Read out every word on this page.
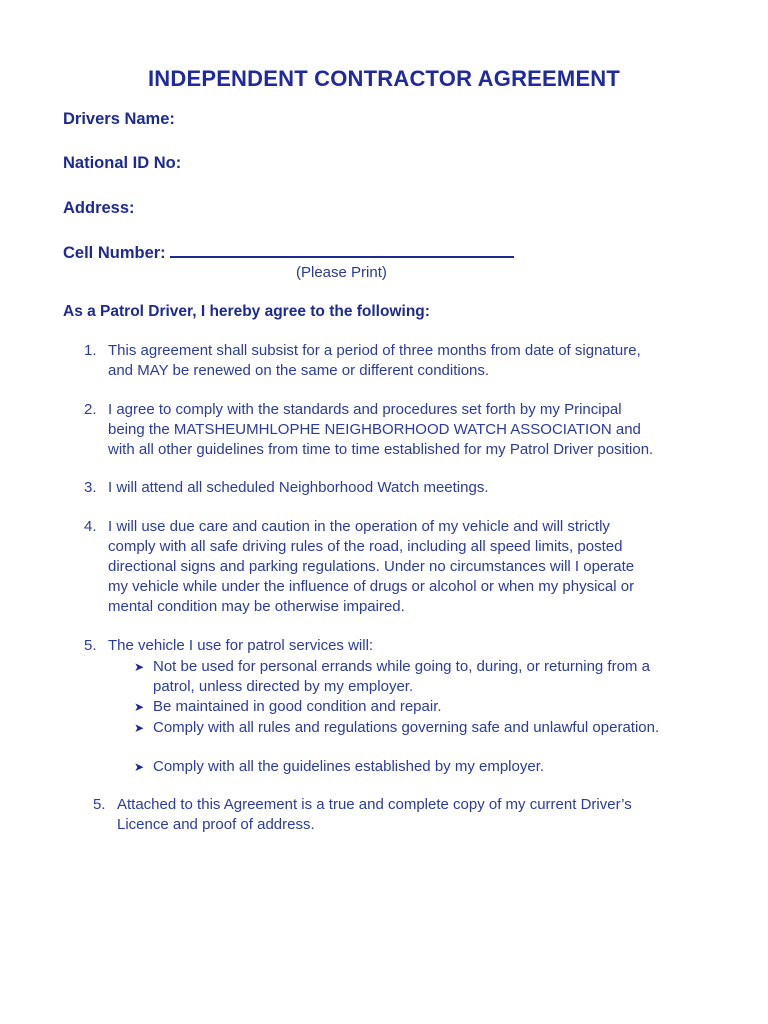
INDEPENDENT CONTRACTOR AGREEMENT
Drivers Name:
National ID No:
Address:
Cell Number:
(Please Print)
As a Patrol Driver, I hereby agree to the following:
1. This agreement shall subsist for a period of three months from date of signature,
and MAY be renewed on the same or different conditions.
2. I agree to comply with the standards and procedures set forth by my Principal
being the MATSHEUMHLOPHE NEIGHBORHOOD WATCH ASSOCIATION and
with all other guidelines from time to time established for my Patrol Driver position.
3. I will attend all scheduled Neighborhood Watch meetings.
4. I will use due care and caution in the operation of my vehicle and will strictly
comply with all safe driving rules of the road, including all speed limits, posted
directional signs and parking regulations. Under no circumstances will I operate
my vehicle while under the influence of drugs or alcohol or when my physical or
mental condition may be otherwise impaired.
5. The vehicle I use for patrol services will:
➤ Not be used for personal errands while going to, during, or returning from a
patrol, unless directed by my employer.
➤ Be maintained in good condition and repair.
➤ Comply with all rules and regulations governing safe and unlawful operation.
➤ Comply with all the guidelines established by my employer.
5. Attached to this Agreement is a true and complete copy of my current Driver’s
Licence and proof of address.
